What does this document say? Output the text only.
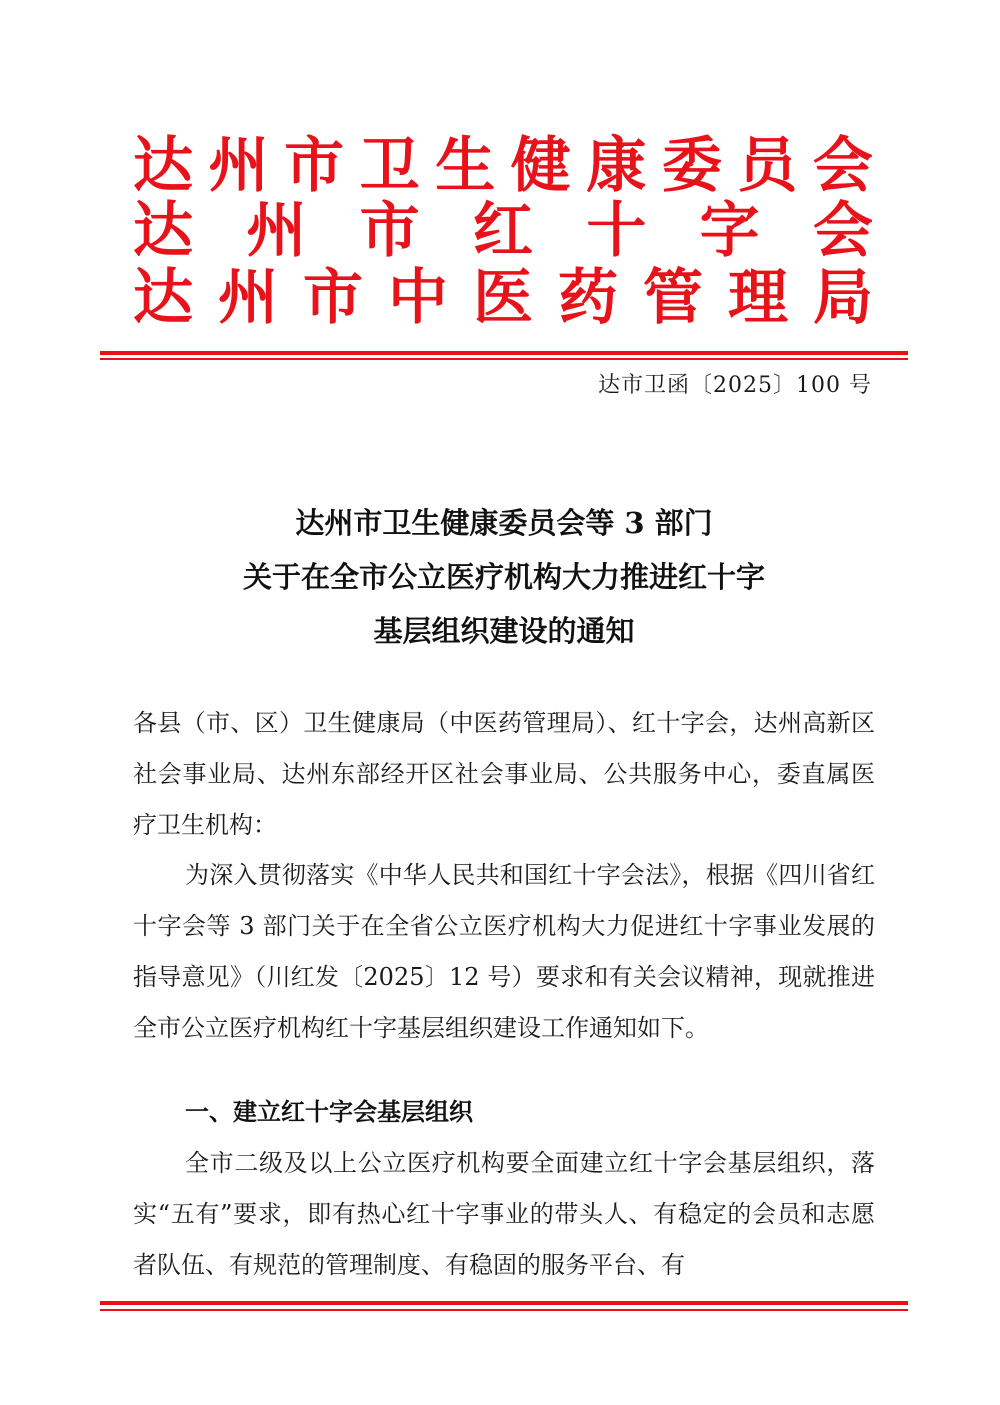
达 州 市 卫 生 健 康 委 员 会
达 州 市 红 十 字 会
达 州 市 中 医 药 管 理 局
达市卫函〔2025〕100 号
达州市卫生健康委员会等 3 部门
关于在全市公立医疗机构大力推进红十字
基层组织建设的通知
各县（市、区）卫生健康局（中医药管理局）、红十字会，达州高新区社会事业局、达州东部经开区社会事业局、公共服务中心，委直属医疗卫生机构：
为深入贯彻落实《中华人民共和国红十字会法》，根据《四川省红十字会等 3 部门关于在全省公立医疗机构大力促进红十字事业发展的指导意见》（川红发〔2025〕12 号）要求和有关会议精神，现就推进全市公立医疗机构红十字基层组织建设工作通知如下。
一、建立红十字会基层组织
全市二级及以上公立医疗机构要全面建立红十字会基层组织，落实“五有”要求，即有热心红十字事业的带头人、有稳定的会员和志愿者队伍、有规范的管理制度、有稳固的服务平台、有
